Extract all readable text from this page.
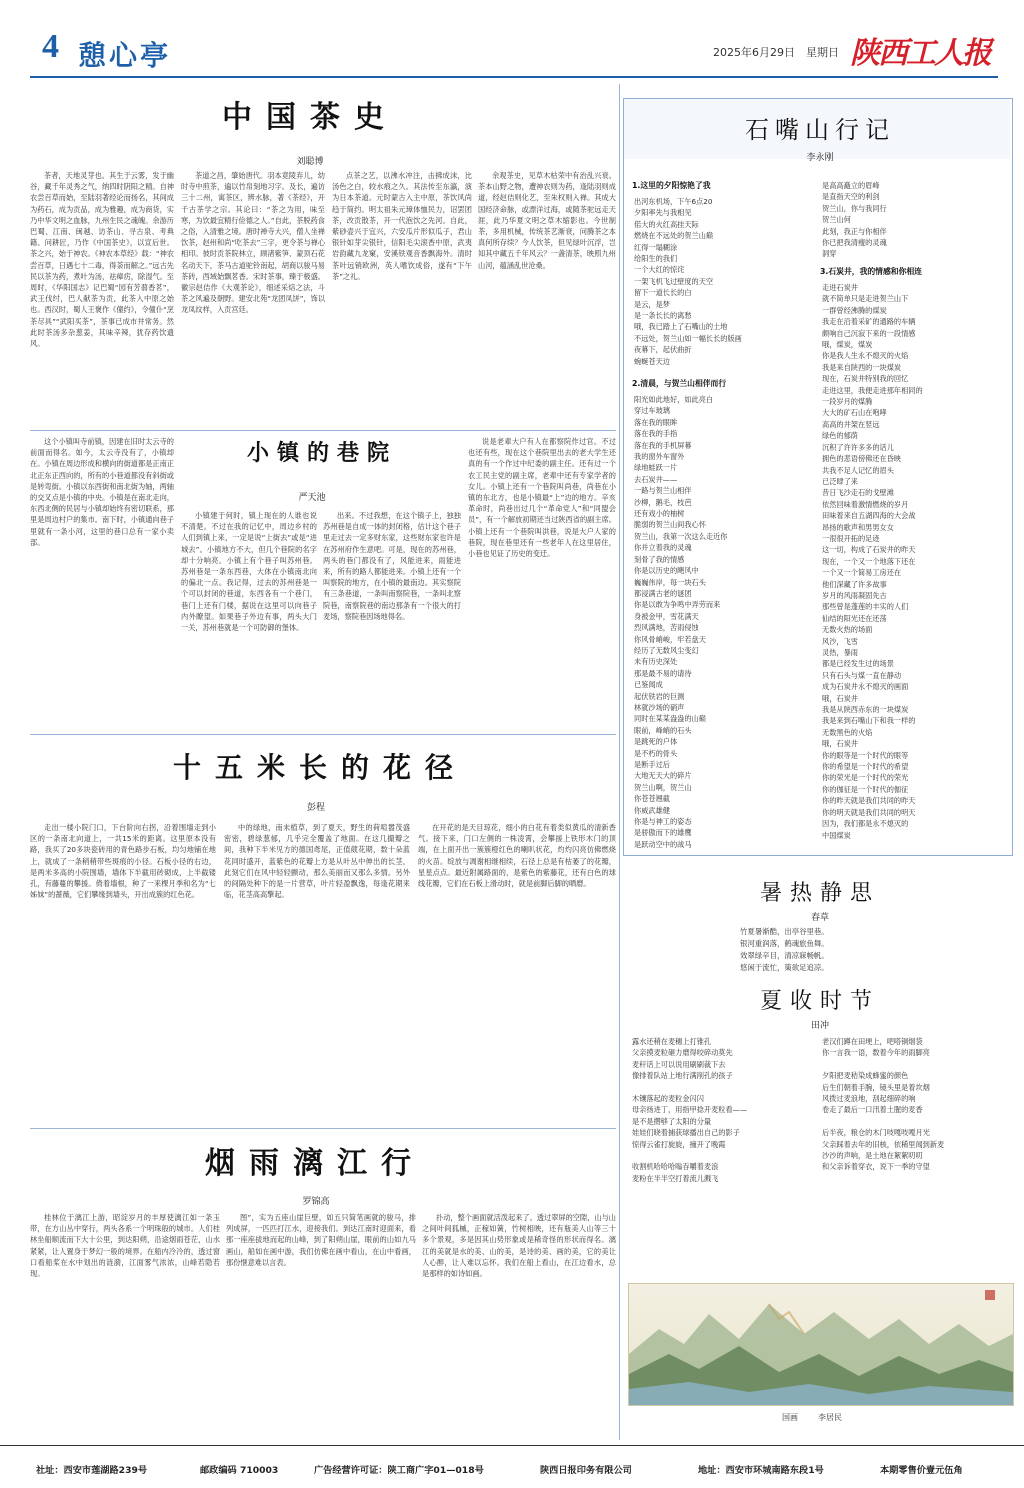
4 憩心亭	2025年6月29日　星期日 陕西工人报
中国茶史
刘聪博
茶者，天地灵芽也。其生于云雾，发于幽谷，藏千年灵秀之气，纳四时阴阳之精。自神农尝百草而始，至陆羽著经论而扬名，其间成为药石，成为贡品，成为雅趣，成为商货，实乃中华文明之血脉，九州生民之魂魄。余游历巴蜀、江南、闽越、访茶山、寻古泉、考典籍、问耕匠，乃作《中国茶史》，以宣后世。茶之兴，始于神农。《神农本草经》载：“神农尝百草，日遇七十二毒，得荼而解之。”远古先民以茶为药，煮叶为汤，祛瘴疠，除湿气。至周时，《华阳国志》记巴蜀“园有芳蒻香茗”，武王伐纣，巴人献茶为贡，此茶入中原之始也。西汉时，蜀人王褒作《僮约》，令僮仆“烹茶尽具”“武阳买茶”，茶事已成市井常务。然此时茶汤多杂葱姜，其味辛辣，犹存药饮遗风。
茶道之昌，肇始唐代。羽本竟陵弃儿，幼时寺中煎茶，遍以竹帛刻地习字。及长，遍访三十二州，寓茶区，辨水脉，著《茶经》，开千古茶学之宗。其论曰：“茶之为用，味至寒，为饮最宜精行俭德之人。”自此，茶脱药食之俗，入清雅之境。唐时禅寺大兴，僧人坐禅饮茶，赵州和尚“吃茶去”三字，更令茶与禅心相印。彼时贡茶院林立，顾渚紫笋、蒙顶石花名动天下，茶马古道驼铃南起，胡商以骏马易茶砖，西域始飘茗香。宋时茶事，臻于极盛。徽宗赵佶作《大观茶论》，细述采焙之法，斗茶之风遍及朝野。建安北苑“龙团凤饼”，饰以龙凤纹样，入贡宫廷。
点茶之艺，以沸水冲注，击拂成沫，比汤色之白，较水痕之久。其法传至东瀛，演为日本茶道。元时蒙古入主中原，茶饮风尚趋于简约。明太祖朱元璋体恤民力，诏罢团茶，改贡散茶，开一代泡饮之先河。自此，紫砂壶兴于宜兴，六安瓜片形似瓜子，君山银针如芽尖银针，信阳毛尖滚香中原，武夷岩韵藏九龙窠，安溪铁观音香飘海外。清时茶叶远销欧洲，英人嗜饮成俗，遂有“下午茶”之礼。
余观茶史，见草木枯荣中有治乱兴衰。茶本山野之物，遭神农则为药，逢陆羽则成道，经赵佶则化艺，至朱权则入禅。其成大国经济命脉，或漂洋过海，或随茶驼远走天涯，此乃华夏文明之草木缩影也。今世制茶，多用机械，传统茶艺渐衰，问腾茶之本真何所存续？今人饮茶，但见绿叶沉浮，岂知其中藏五千年风云？一盏清茶，映照九州山河，蕴涵乱世沧桑。
这个小镇叫寺前镇，因建在旧时太云寺的前面而得名。如今，太云寺没有了，小镇却在。小镇在周边形成和横向的街道都是正南正北正东正西向的，所有的小巷道都没有斜街或是转弯街。小镇以东西街和南北街为轴，两轴的交叉点是小镇的中央。小镇是在南北走向，东西北侧的民居与小镇却始终有密切联系，那里是周边村户的集市。南下时，小镇通向巷子里就有一条小河，这里的巷口总有一家小卖部。
小镇的巷院
严天池
小镇建于何时，镇上现在的人谁也说不清楚。不过在我的记忆中，周边乡村的人们到镇上来，一定是说“上街去”或是“进城去”。小镇地方不大，但几个巷院的名字却十分响亮。小镇上有个巷子叫苏州巷。苏州巷是一条东西巷，大体在小镇南北向的偏北一点。我记得，过去的苏州巷是一个可以封闭的巷道，东西各有一个巷门，巷门上还有门楼，据说在这里可以向巷子内外瞭望。如果巷子外边有事，两头大门一关，苏州巷就是一个可防御的堡体。
出来。不过我想，在这个镇子上，独独苏州巷是自成一体的封闭格，估计这个巷子里走过去一定多财东家，这些财东家也许是在苏州府作生意吧。可是，现在的苏州巷，两头的巷门都没有了，风能进来，雨能进来，所有的路人都能进来。小镇上还有一个叫察院的地方，在小镇的最南边。其实察院有三条巷道，一条叫南察院巷，一条叫北察院巷，南察院巷的南边那条有一个很大的打麦场，察院巷因场地得名。
说是老辈大户有人在都察院作过官。不过也还有些，现在这个巷院里出去的老大学生还真的有一个作过中纪委的副主任。还有过一个农工民主党的副主席，老辈中还有专家学者的女儿。小镇上还有一个巷院叫尚巷，尚巷在小镇的东北方，也是小镇最“上”边的地方。辛亥革命时，尚巷出过几个“革命党人”和“同盟会员”，有一个解放初期还当过陕西省的副主席。小镇上还有一个巷院叫洪巷，说是大户人家的巷院，现在巷里还有一些老年人在这里居住，小巷也见证了历史的变迁。
十五米长的花径
彭程
走出一楼小院门口，下台阶向右拐，沿着围墙走到小区的一条南北向道上，一共15米的距离。这里原本没有路，我买了20多块瓷砖用的青色路步石板，均匀地铺在地上，就成了一条稍稍带些斑痕的小径。石板小径的右边，是两米多高的小院围墙，墙体下半截用砖砌成，上半截镂孔，有藤蔓的攀援。倚着墙根，种了一来棵月季和名为“七姊妹”的蔷薇，它们攀缘到墙头，开出成簇的红色花。
中的绿地，南未植草，到了夏天，野生的荷喧嚣茂盛密密，碧绿葱郁，几乎完全覆盖了地面。在这几撮瓣之间，我种下半米见方的德国鸢尾，正值葳花期，数十朵蓝花同时盛开，蓝紫色的花瓣上方是从叶丛中伸出的长茎，此刻它们在风中轻轻颤动，那么美丽而又那么多情。另外的间隔处种下的是一片营草，叶片轻盈飘逸，每逢花期来临，花茎高高擎起。
在开花的是天目琼花，细小的白花有着类似黄瓜的清新香气。接下来，门口左侧的一株凌霄，会攀援上铁形木门的顶端，在上面开出一簇簇橙红色的喇叭状花，灼灼闪亮仿佛燃烧的火苗。绽放与凋谢相继相续，石径上总是有枯萎了的花瓣，星星点点。最近附属路面的，是紫色的紫藤花，还有白色的球线花瓣，它们在石板上滑动时，就是前脚后脚的晒磨。
烟雨漓江行
罗锦高
桂林位于漓江上游，昭淀岁月的丰厚使漓江如一条玉带，在方山丛中穿行，两头各系一个明珠般的城市。人们桂林坐船顺流而下大十公里，到达阳朔，沿途烟雨苍茫，山水紧紧，让人置身于梦幻一般的境界。在船内冷冷的，透过窗口看船桨在水中划出的涟漪，江面雾气浓浓，山峰若隐若现。
图”，实为五座山崖巨壁，如五只简笔画就的骏马，排列成屏，一匹匹打江水，迎接我们。到达江南时迎面来，看那一座座拔地而起的山峰，到了阳朔山崖，眼前的山如九马画山，船如在画中游，我们仿佛在画中看山，在山中看画，那份惬意难以言表。
扑动，整个画面就活泼起来了。透过翠屏的空隙，山与山之间叶间狐槭，正稼如簧，竹树相映，还有瓶美人山等三十多个景观，多是因其山势形象或是稀奇怪的形状而得名。漓江的美就是水的美、山的美，是诗的美、画的美，它的美让人心醉，让人难以忘怀。我们在船上看山，在江边看水，总是那样的如诗如画。
石嘴山行记
李永刚
1.这里的夕阳惊艳了我
出河东机场，下午6点20
夕阳率先与我相见
偌大的火红高挂天际
燃烧在不远处的贺兰山巅
红得一塌糊涂
给阳生的我们
一个大红的惊诧
一架飞机飞过壁度的天空
留下一道长长的白
是云，是梦
是一条长长的离愁
哦，我已踏上了石嘴山的土地
不远处，贺兰山如一幅长长的版画
夜幕下，起伏曲折
蜿蜒苍天边
2.清晨，与贺兰山相伴而行
阳光如此地好，如此亮白
穿过车玻璃
落在我的眼眸
落在我的手指
落在我的手机屏幕
我的窗外车窗外
绿地蛙跃一片
去石炭井——
一路与贺兰山相伴
沙柳，鹅毛，枝芭
还有戏小的柚树
脆弱的贺兰山间我心怀
贺兰山，我第一次这么走近你
你并立着我的灵魂
刻骨了我的情感
你是以历史的飓风中
巍巍伟岸，每一块石头
都浸满古老的谜团
你是以敢为争鸣中弄劳而来
身被金甲，雪花满天
烈风满地，苦雨侵蚀
你风骨峭峻，牢若盘天
经历了无数风尘变幻
未有历史深处
那是最不易的请待
已鉴闻成
起伏铁岩的巨测
林就沙场的硝声
同时在某某盎盎的山巅
眼前，峰峭的石头
是跳死的户体
是不朽的骨头
是断手过后
大地无天大的碎片
贺兰山啊，贺兰山
你苍苍翘截
你威武雄健
你是与神工的姿态
是骄傲而下的雄鹰
是跃动空中的战马
是高高矗立的眉峰
是直指天空的利剑
贺兰山，你与我同行
贺兰山何
此刻，我正与你相伴
你已把我清瘦的灵魂
洞穿
3.石炭井，我的情感和你相连
走进石炭井
就不简单只是走进贺兰山下
一群曾经沸腾的煤炭
我走在沿着采矿的通路的车辆
颇响自己沉寂下来的一段情感
哦，煤炭，煤炭
你是我人生永不熄灭的火焰
我是来自陕西的一块煤炭
现在，石炭井特别我的回忆
走进这里，我便走进那年相同的
一段岁月的煤腾
大大的矿石山在咆哮
高高的井架在竖远
绿色的郁荫
沉积了许许多多的话儿
拥色的悲语傍佛还在昏映
共我不足人记忆的眉头
已泛肆了来
昔日飞沙走石的戈壁滩
依然回味着激情燃烧的岁月
田味着来自五湖四海的大会战
昂扬的歌声和男男女女
一很很开拓的足迹
这一切，构成了石炭井的昨天
现在，一个又一个地落下还在
一个又一个简易工房还在
他们深藏了许多故事
岁月的风雨凝固先古
那些曾是蓬莲的丰实的人们
仙结的阳光还在还荡
无数火热的场面
风沙，飞雪
灵热，暴雨
都是已经发生过的场景
只有石头与煤一直在静动
成为石炭井永不熄灭的画面
哦，石炭井
我是从陕西赤东的一块煤炭
我是来到石嘴山下和我一样的
无数黑色的火焰
哦，石炭井
你的眼等是一个时代的眼等
你的希望是一个时代的希望
你的荣光是一个时代的荣光
你的伽征是一个时代的伽征
你的昨天就是我们共同的昨天
你的明天就是我们共同的明天
因为，我们都是永不熄灭的
中国煤炭
暑热静思
春草
竹夏暑渐酷，出亭谷里巷。
银河重润落，鹤魂旅鱼舞。
效翠绿辛目，清凉寐畅帆。
悠闲于流忙，策欲足追凉。
夏收时节
田冲
露水还稍在麦穗上打锥孔
父亲摸麦粒砸力磨得咬碎动莫先
麦秆话上可以说用刷刷裁下去
像排着队站上地行满削孔的孩子

木镶落起的麦粒金闪闪
母亲扬进丁，用指甲捻开麦粒看——
是不是攒够了太阳的分量
娃娃们晓着捕获球播出自己的影子
惊得云雀打旋旋，撞开了晚霞

收割机哈哈哈嗡吞嚼着麦浪
麦粉在半半空打着流儿溅飞
老汉们蹲在田埂上，吧嗒铜烟袋
你一言我一语，数着今年的雨脚亮

夕阳把麦秸染成蜂蜜的颜色
后生们朝着手腕，镜头里是着坎烟
风拨过麦浪地，刮起细碎的响
卷走了最后一口汛着土腥的麦香

后半夜，粮仓的木门吱嘎吱嘎月光
父亲踩着去年的旧核，依稀里闻到新麦
沙沙的声响，是土地在絮絮叨叨
和父亲诉着穿衣，说下一季的守望
国画	李居民
社址：西安市莲湖路239号	邮政编码 710003	广告经营许可证：陕工商广字01—018号	陕西日报印务有限公司	地址：西安市环城南路东段1号	本期零售价壹元伍角
